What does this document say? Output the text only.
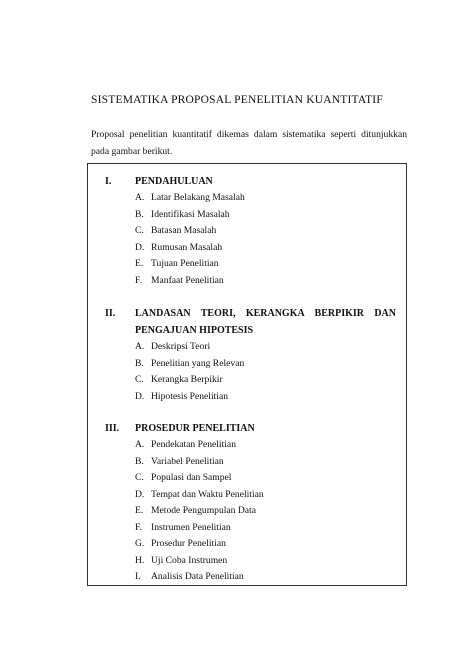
SISTEMATIKA PROPOSAL PENELITIAN KUANTITATIF
Proposal penelitian kuantitatif dikemas dalam sistematika seperti ditunjukkan pada gambar berikut.
I. PENDAHULUAN
A. Latar Belakang Masalah
B. Identifikasi Masalah
C. Batasan Masalah
D. Rumusan Masalah
E. Tujuan Penelitian
F. Manfaat Penelitian
II. LANDASAN TEORI, KERANGKA BERPIKIR DAN PENGAJUAN HIPOTESIS
A. Deskripsi Teori
B. Penelitian yang Relevan
C. Kerangka Berpikir
D. Hipotesis Penelitian
III. PROSEDUR PENELITIAN
A. Pendekatan Penelitian
B. Variabel Penelitian
C. Populasi dan Sampel
D. Tempat dan Waktu Penelitian
E. Metode Pengumpulan Data
F. Instrumen Penelitian
G. Prosedur Penelitian
H. Uji Coba Instrumen
I. Analisis Data Penelitian
